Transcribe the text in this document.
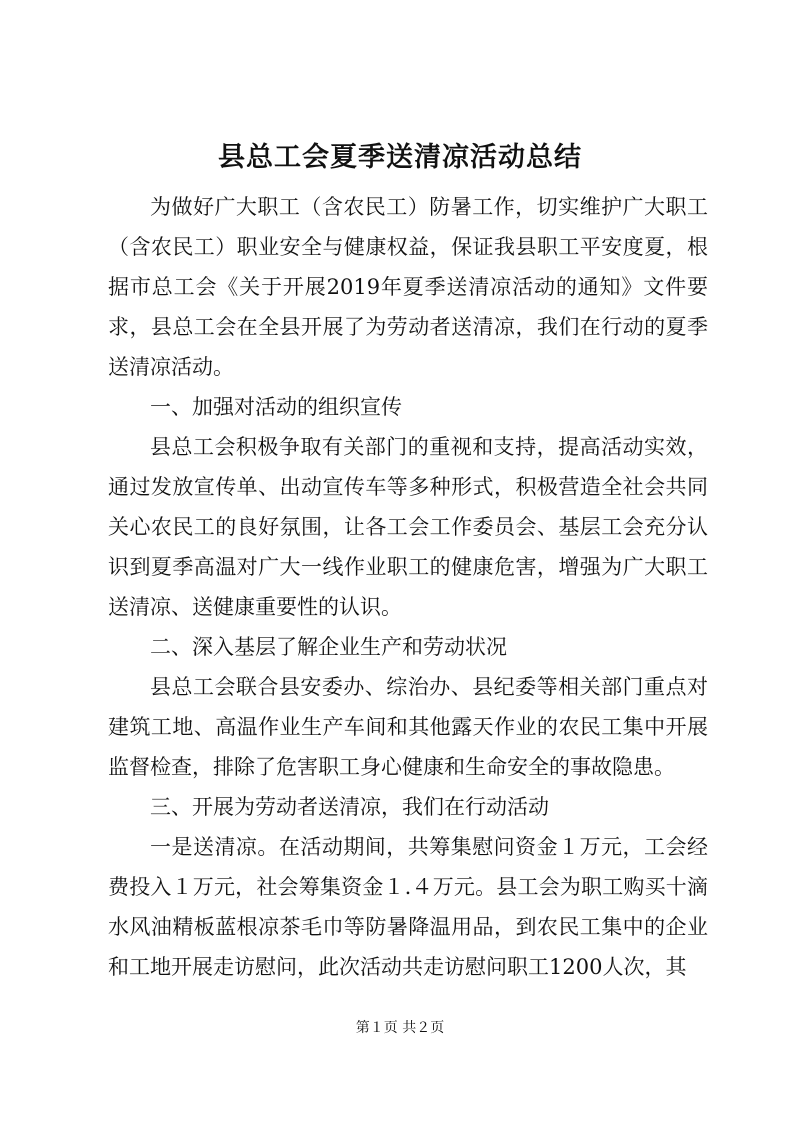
县总工会夏季送清凉活动总结

为做好广大职工（含农民工）防暑工作，切实维护广大职工（含农民工）职业安全与健康权益，保证我县职工平安度夏，根据市总工会《关于开展2019年夏季送清凉活动的通知》文件要求，县总工会在全县开展了为劳动者送清凉，我们在行动的夏季送清凉活动。

一、加强对活动的组织宣传

县总工会积极争取有关部门的重视和支持，提高活动实效，通过发放宣传单、出动宣传车等多种形式，积极营造全社会共同关心农民工的良好氛围，让各工会工作委员会、基层工会充分认识到夏季高温对广大一线作业职工的健康危害，增强为广大职工送清凉、送健康重要性的认识。

二、深入基层了解企业生产和劳动状况

县总工会联合县安委办、综治办、县纪委等相关部门重点对建筑工地、高温作业生产车间和其他露天作业的农民工集中开展监督检查，排除了危害职工身心健康和生命安全的事故隐患。

三、开展为劳动者送清凉，我们在行动活动

一是送清凉。在活动期间，共筹集慰问资金１万元，工会经费投入１万元，社会筹集资金１.４万元。县工会为职工购买十滴水风油精板蓝根凉茶毛巾等防暑降温用品，到农民工集中的企业和工地开展走访慰问，此次活动共走访慰问职工1200人次，其

第１页 共２页
